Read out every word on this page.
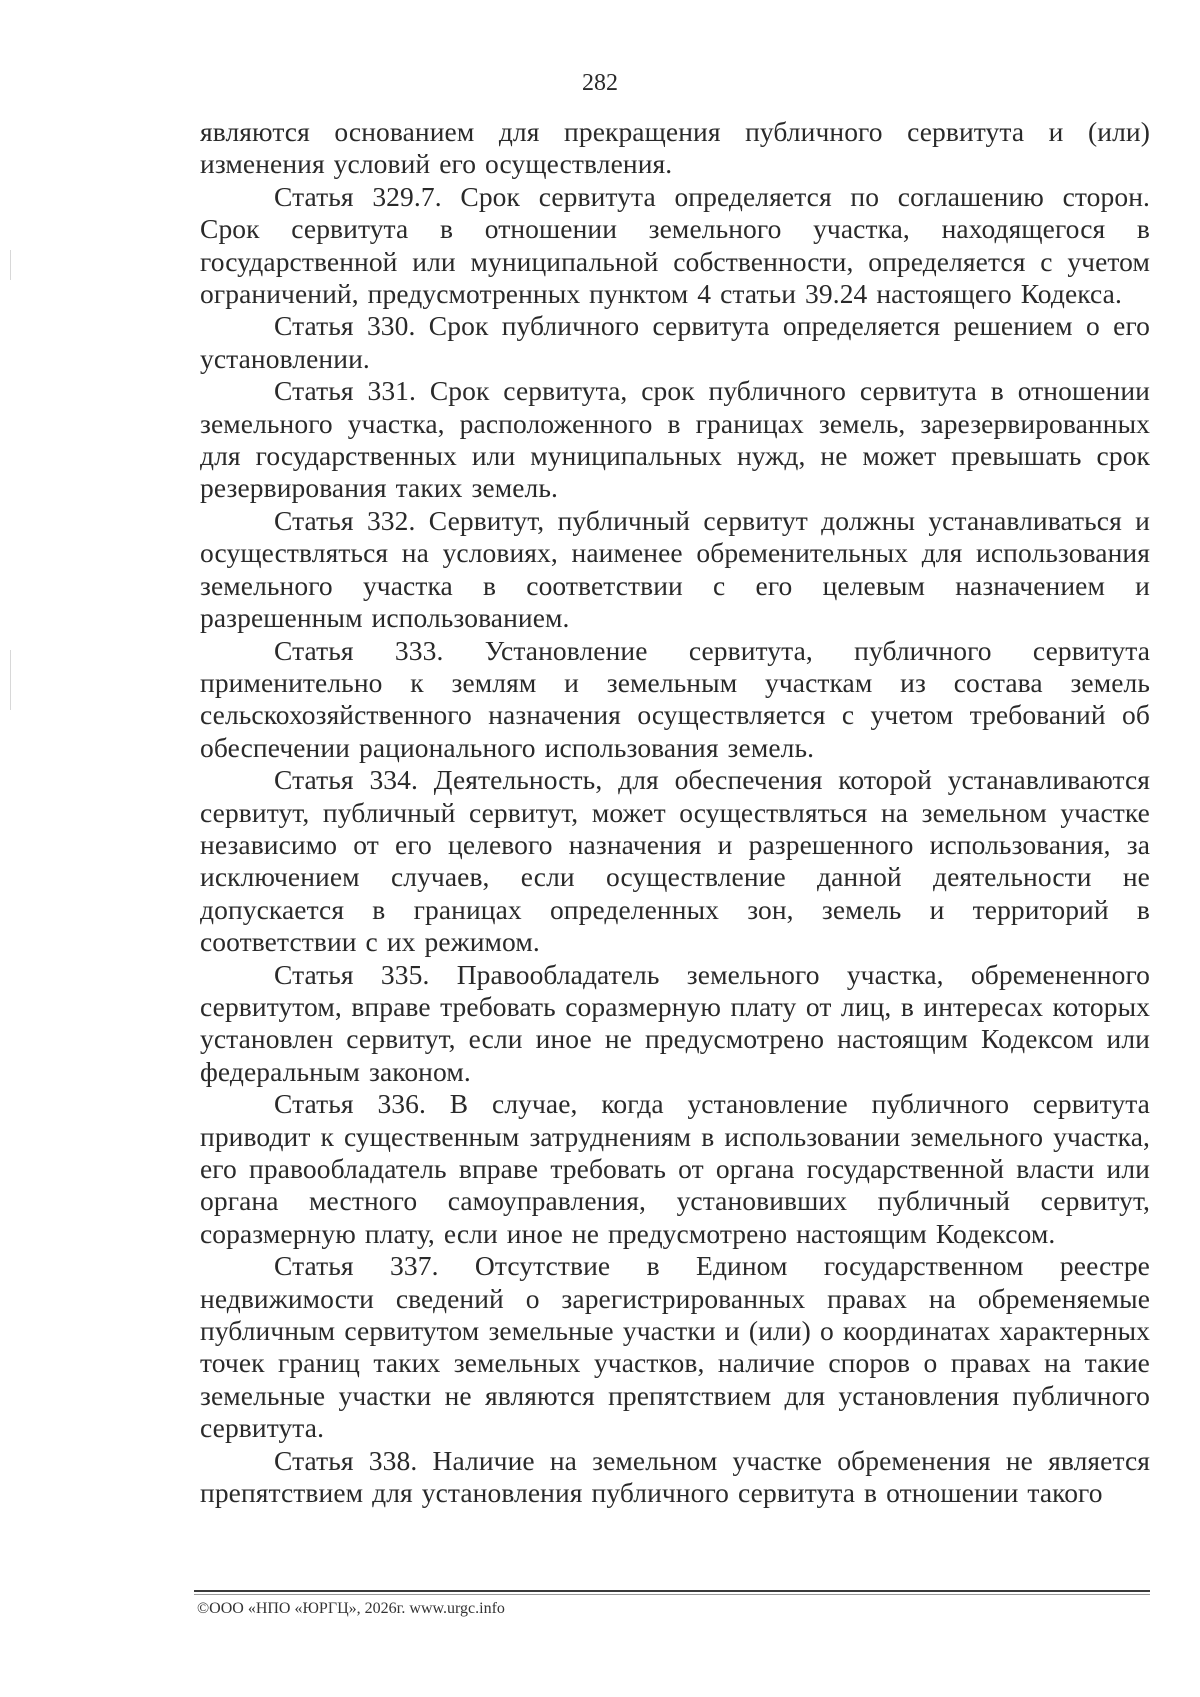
282

являются основанием для прекращения публичного сервитута и (или) изменения условий его осуществления.

Статья 329.7. Срок сервитута определяется по соглашению сторон. Срок сервитута в отношении земельного участка, находящегося в государственной или муниципальной собственности, определяется с учетом ограничений, предусмотренных пунктом 4 статьи 39.24 настоящего Кодекса.

Статья 330. Срок публичного сервитута определяется решением о его установлении.

Статья 331. Срок сервитута, срок публичного сервитута в отношении земельного участка, расположенного в границах земель, зарезервированных для государственных или муниципальных нужд, не может превышать срок резервирования таких земель.

Статья 332. Сервитут, публичный сервитут должны устанавливаться и осуществляться на условиях, наименее обременительных для использования земельного участка в соответствии с его целевым назначением и разрешенным использованием.

Статья 333. Установление сервитута, публичного сервитута применительно к землям и земельным участкам из состава земель сельскохозяйственного назначения осуществляется с учетом требований об обеспечении рационального использования земель.

Статья 334. Деятельность, для обеспечения которой устанавливаются сервитут, публичный сервитут, может осуществляться на земельном участке независимо от его целевого назначения и разрешенного использования, за исключением случаев, если осуществление данной деятельности не допускается в границах определенных зон, земель и территорий в соответствии с их режимом.

Статья 335. Правообладатель земельного участка, обремененного сервитутом, вправе требовать соразмерную плату от лиц, в интересах которых установлен сервитут, если иное не предусмотрено настоящим Кодексом или федеральным законом.

Статья 336. В случае, когда установление публичного сервитута приводит к существенным затруднениям в использовании земельного участка, его правообладатель вправе требовать от органа государственной власти или органа местного самоуправления, установивших публичный сервитут, соразмерную плату, если иное не предусмотрено настоящим Кодексом.

Статья 337. Отсутствие в Едином государственном реестре недвижимости сведений о зарегистрированных правах на обременяемые публичным сервитутом земельные участки и (или) о координатах характерных точек границ таких земельных участков, наличие споров о правах на такие земельные участки не являются препятствием для установления публичного сервитута.

Статья 338. Наличие на земельном участке обременения не является препятствием для установления публичного сервитута в отношении такого

©ООО «НПО «ЮРГЦ», 2026г. www.urgc.info
